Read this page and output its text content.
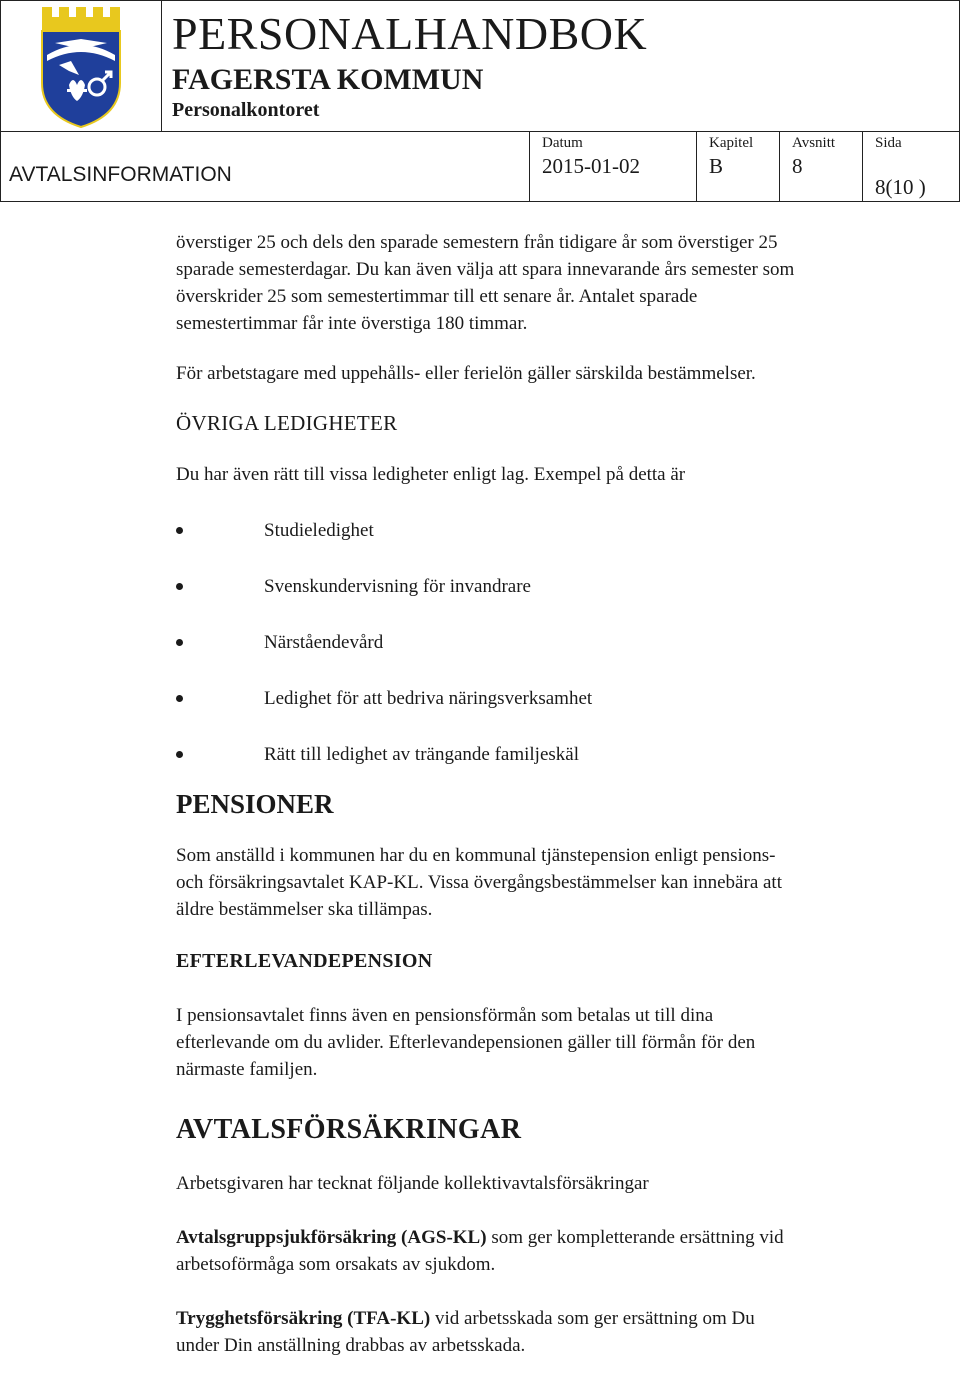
PERSONALHANDBOK
FAGERSTA KOMMUN
Personalkontoret
AVTALSINFORMATION
Datum
2015-01-02
Kapitel
B
Avsnitt
8
Sida
8(10 )

överstiger 25 och dels den sparade semestern från tidigare år som överstiger 25
sparade semesterdagar. Du kan även välja att spara innevarande års semester som
överskrider 25 som semestertimmar till ett senare år. Antalet sparade
semestertimmar får inte överstiga 180 timmar.

För arbetstagare med uppehålls- eller ferielön gäller särskilda bestämmelser.

ÖVRIGA LEDIGHETER

Du har även rätt till vissa ledigheter enligt lag. Exempel på detta är

Studieledighet
Svenskundervisning för invandrare
Närståendevård
Ledighet för att bedriva näringsverksamhet
Rätt till ledighet av trängande familjeskäl

PENSIONER

Som anställd i kommunen har du en kommunal tjänstepension enligt pensions-
och försäkringsavtalet KAP-KL. Vissa övergångsbestämmelser kan innebära att
äldre bestämmelser ska tillämpas.

EFTERLEVANDEPENSION

I pensionsavtalet finns även en pensionsförmån som betalas ut till dina
efterlevande om du avlider. Efterlevandepensionen gäller till förmån för den
närmaste familjen.

AVTALSFÖRSÄKRINGAR

Arbetsgivaren har tecknat följande kollektivavtalsförsäkringar

Avtalsgruppsjukförsäkring (AGS-KL) som ger kompletterande ersättning vid
arbetsoförmåga som orsakats av sjukdom.

Trygghetsförsäkring (TFA-KL) vid arbetsskada som ger ersättning om Du
under Din anställning drabbas av arbetsskada.
